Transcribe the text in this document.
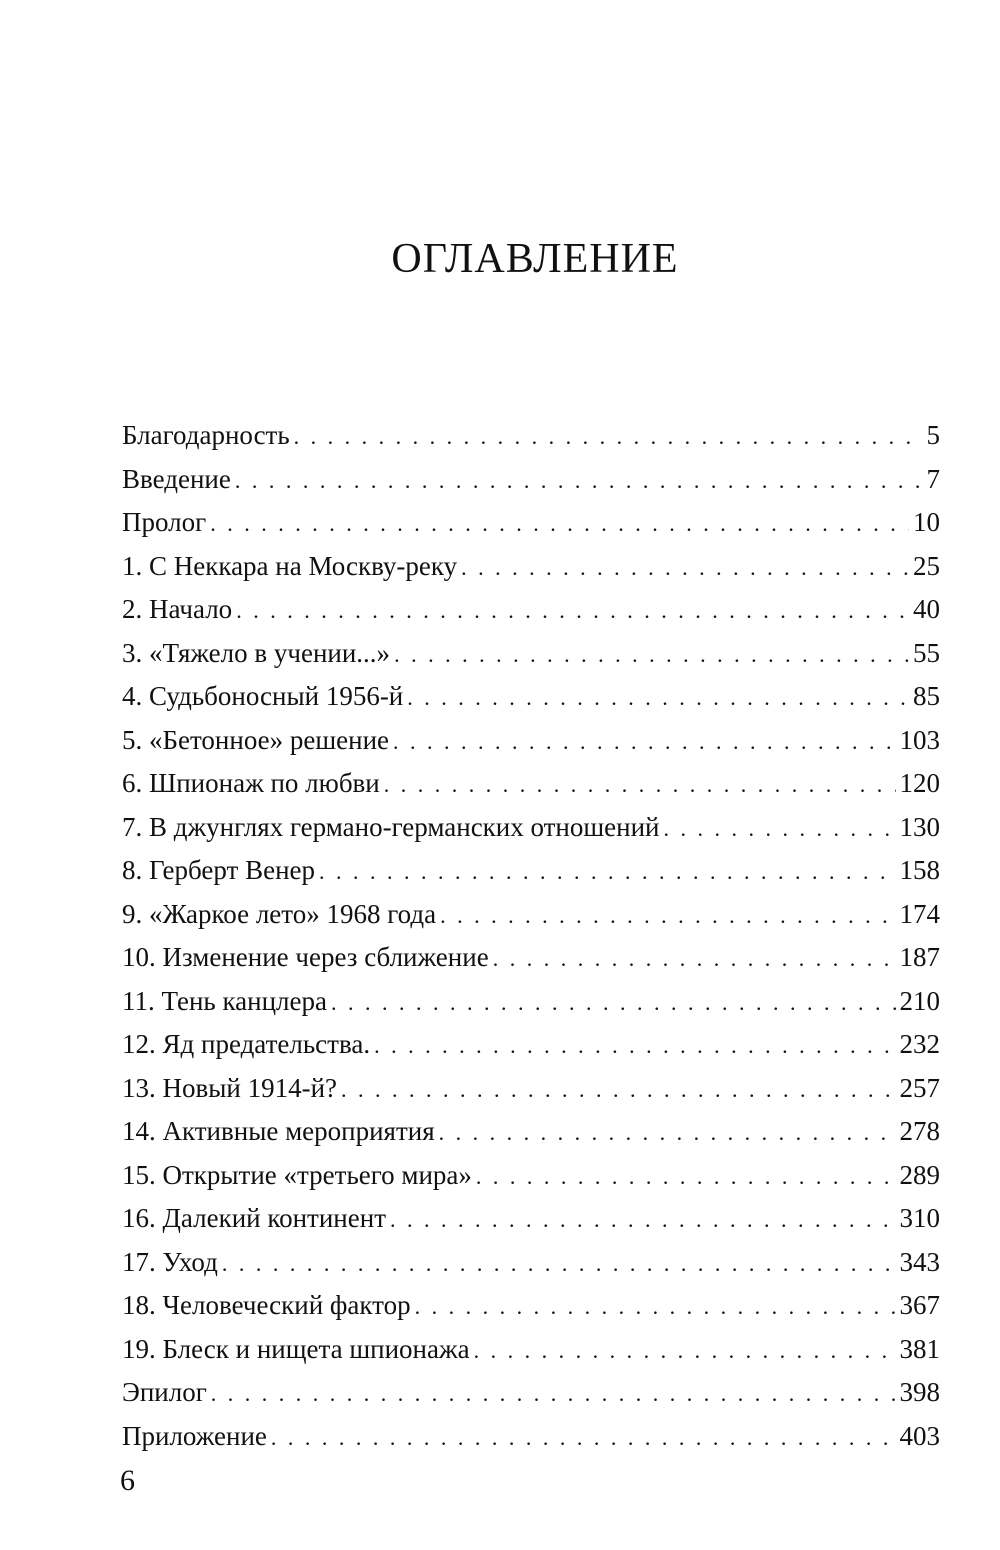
ОГЛАВЛЕНИЕ
Благодарность . . .	5
Введение . . .	7
Пролог . . .	10
1. С Неккара на Москву-реку . . .	25
2. Начало . . .	40
3. «Тяжело в учении...» . . .	55
4. Судьбоносный 1956-й . . .	85
5. «Бетонное» решение . . .	103
6. Шпионаж по любви . . .	120
7. В джунглях германо-германских отношений . . .	130
8. Герберт Венер . . .	158
9. «Жаркое лето» 1968 года . . .	174
10. Изменение через сближение . . .	187
11. Тень канцлера . . .	210
12. Яд предательства. . . .	232
13. Новый 1914-й? . . .	257
14. Активные мероприятия . . .	278
15. Открытие «третьего мира» . . .	289
16. Далекий континент . . .	310
17. Уход . . .	343
18. Человеческий фактор . . .	367
19. Блеск и нищета шпионажа . . .	381
Эпилог . . .	398
Приложение . . .	403
6
